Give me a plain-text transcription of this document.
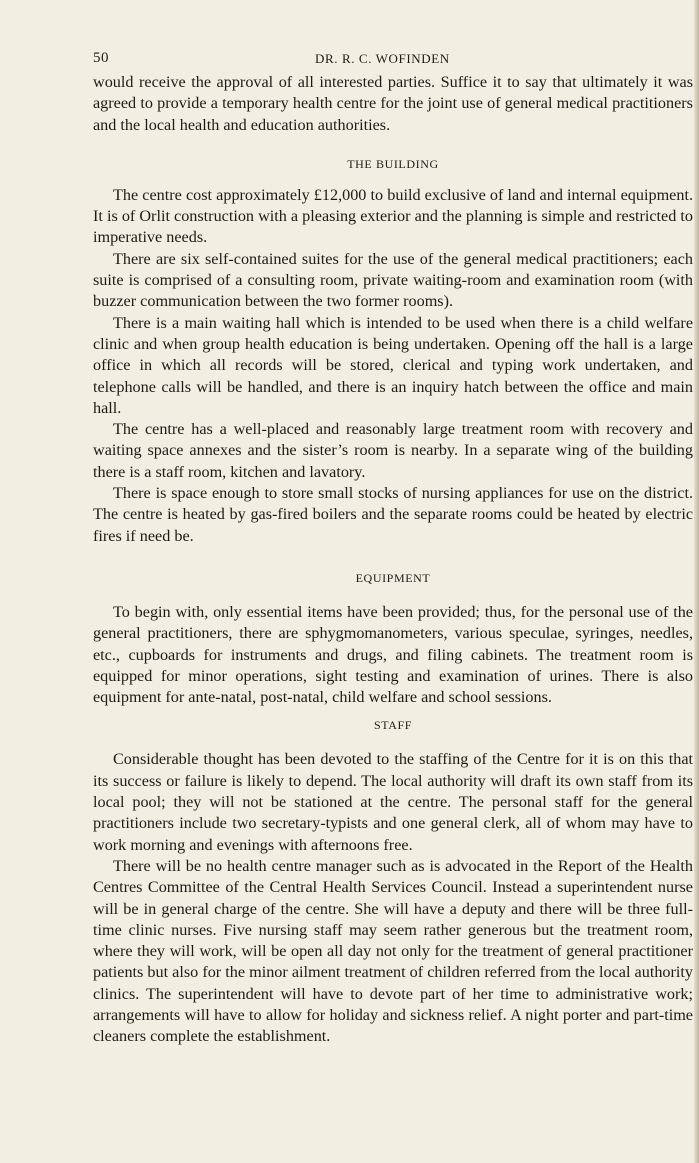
50	DR. R. C. WOFINDEN

would receive the approval of all interested parties. Suffice it to say that ultimately it was agreed to provide a temporary health centre for the joint use of general medical practitioners and the local health and education authorities.

THE BUILDING

The centre cost approximately £12,000 to build exclusive of land and internal equipment. It is of Orlit construction with a pleasing exterior and the planning is simple and restricted to imperative needs.

There are six self-contained suites for the use of the general medical practitioners; each suite is comprised of a consulting room, private waiting-room and examination room (with buzzer communication between the two former rooms).

There is a main waiting hall which is intended to be used when there is a child welfare clinic and when group health education is being undertaken. Opening off the hall is a large office in which all records will be stored, clerical and typing work undertaken, and telephone calls will be handled, and there is an inquiry hatch between the office and main hall.

The centre has a well-placed and reasonably large treatment room with recovery and waiting space annexes and the sister’s room is nearby. In a separate wing of the building there is a staff room, kitchen and lavatory.

There is space enough to store small stocks of nursing appliances for use on the district. The centre is heated by gas-fired boilers and the separate rooms could be heated by electric fires if need be.

EQUIPMENT

To begin with, only essential items have been provided; thus, for the personal use of the general practitioners, there are sphygmomanometers, various speculae, syringes, needles, etc., cupboards for instruments and drugs, and filing cabinets. The treatment room is equipped for minor operations, sight testing and examination of urines. There is also equipment for ante-natal, post-natal, child welfare and school sessions.

STAFF

Considerable thought has been devoted to the staffing of the Centre for it is on this that its success or failure is likely to depend. The local authority will draft its own staff from its local pool; they will not be stationed at the centre. The personal staff for the general practitioners include two secretary-typists and one general clerk, all of whom may have to work morning and evenings with afternoons free.

There will be no health centre manager such as is advocated in the Report of the Health Centres Committee of the Central Health Services Council. Instead a superintendent nurse will be in general charge of the centre. She will have a deputy and there will be three full-time clinic nurses. Five nursing staff may seem rather generous but the treatment room, where they will work, will be open all day not only for the treatment of general practitioner patients but also for the minor ailment treatment of children referred from the local authority clinics. The superintendent will have to devote part of her time to administrative work; arrangements will have to allow for holiday and sickness relief. A night porter and part-time cleaners complete the establishment.
